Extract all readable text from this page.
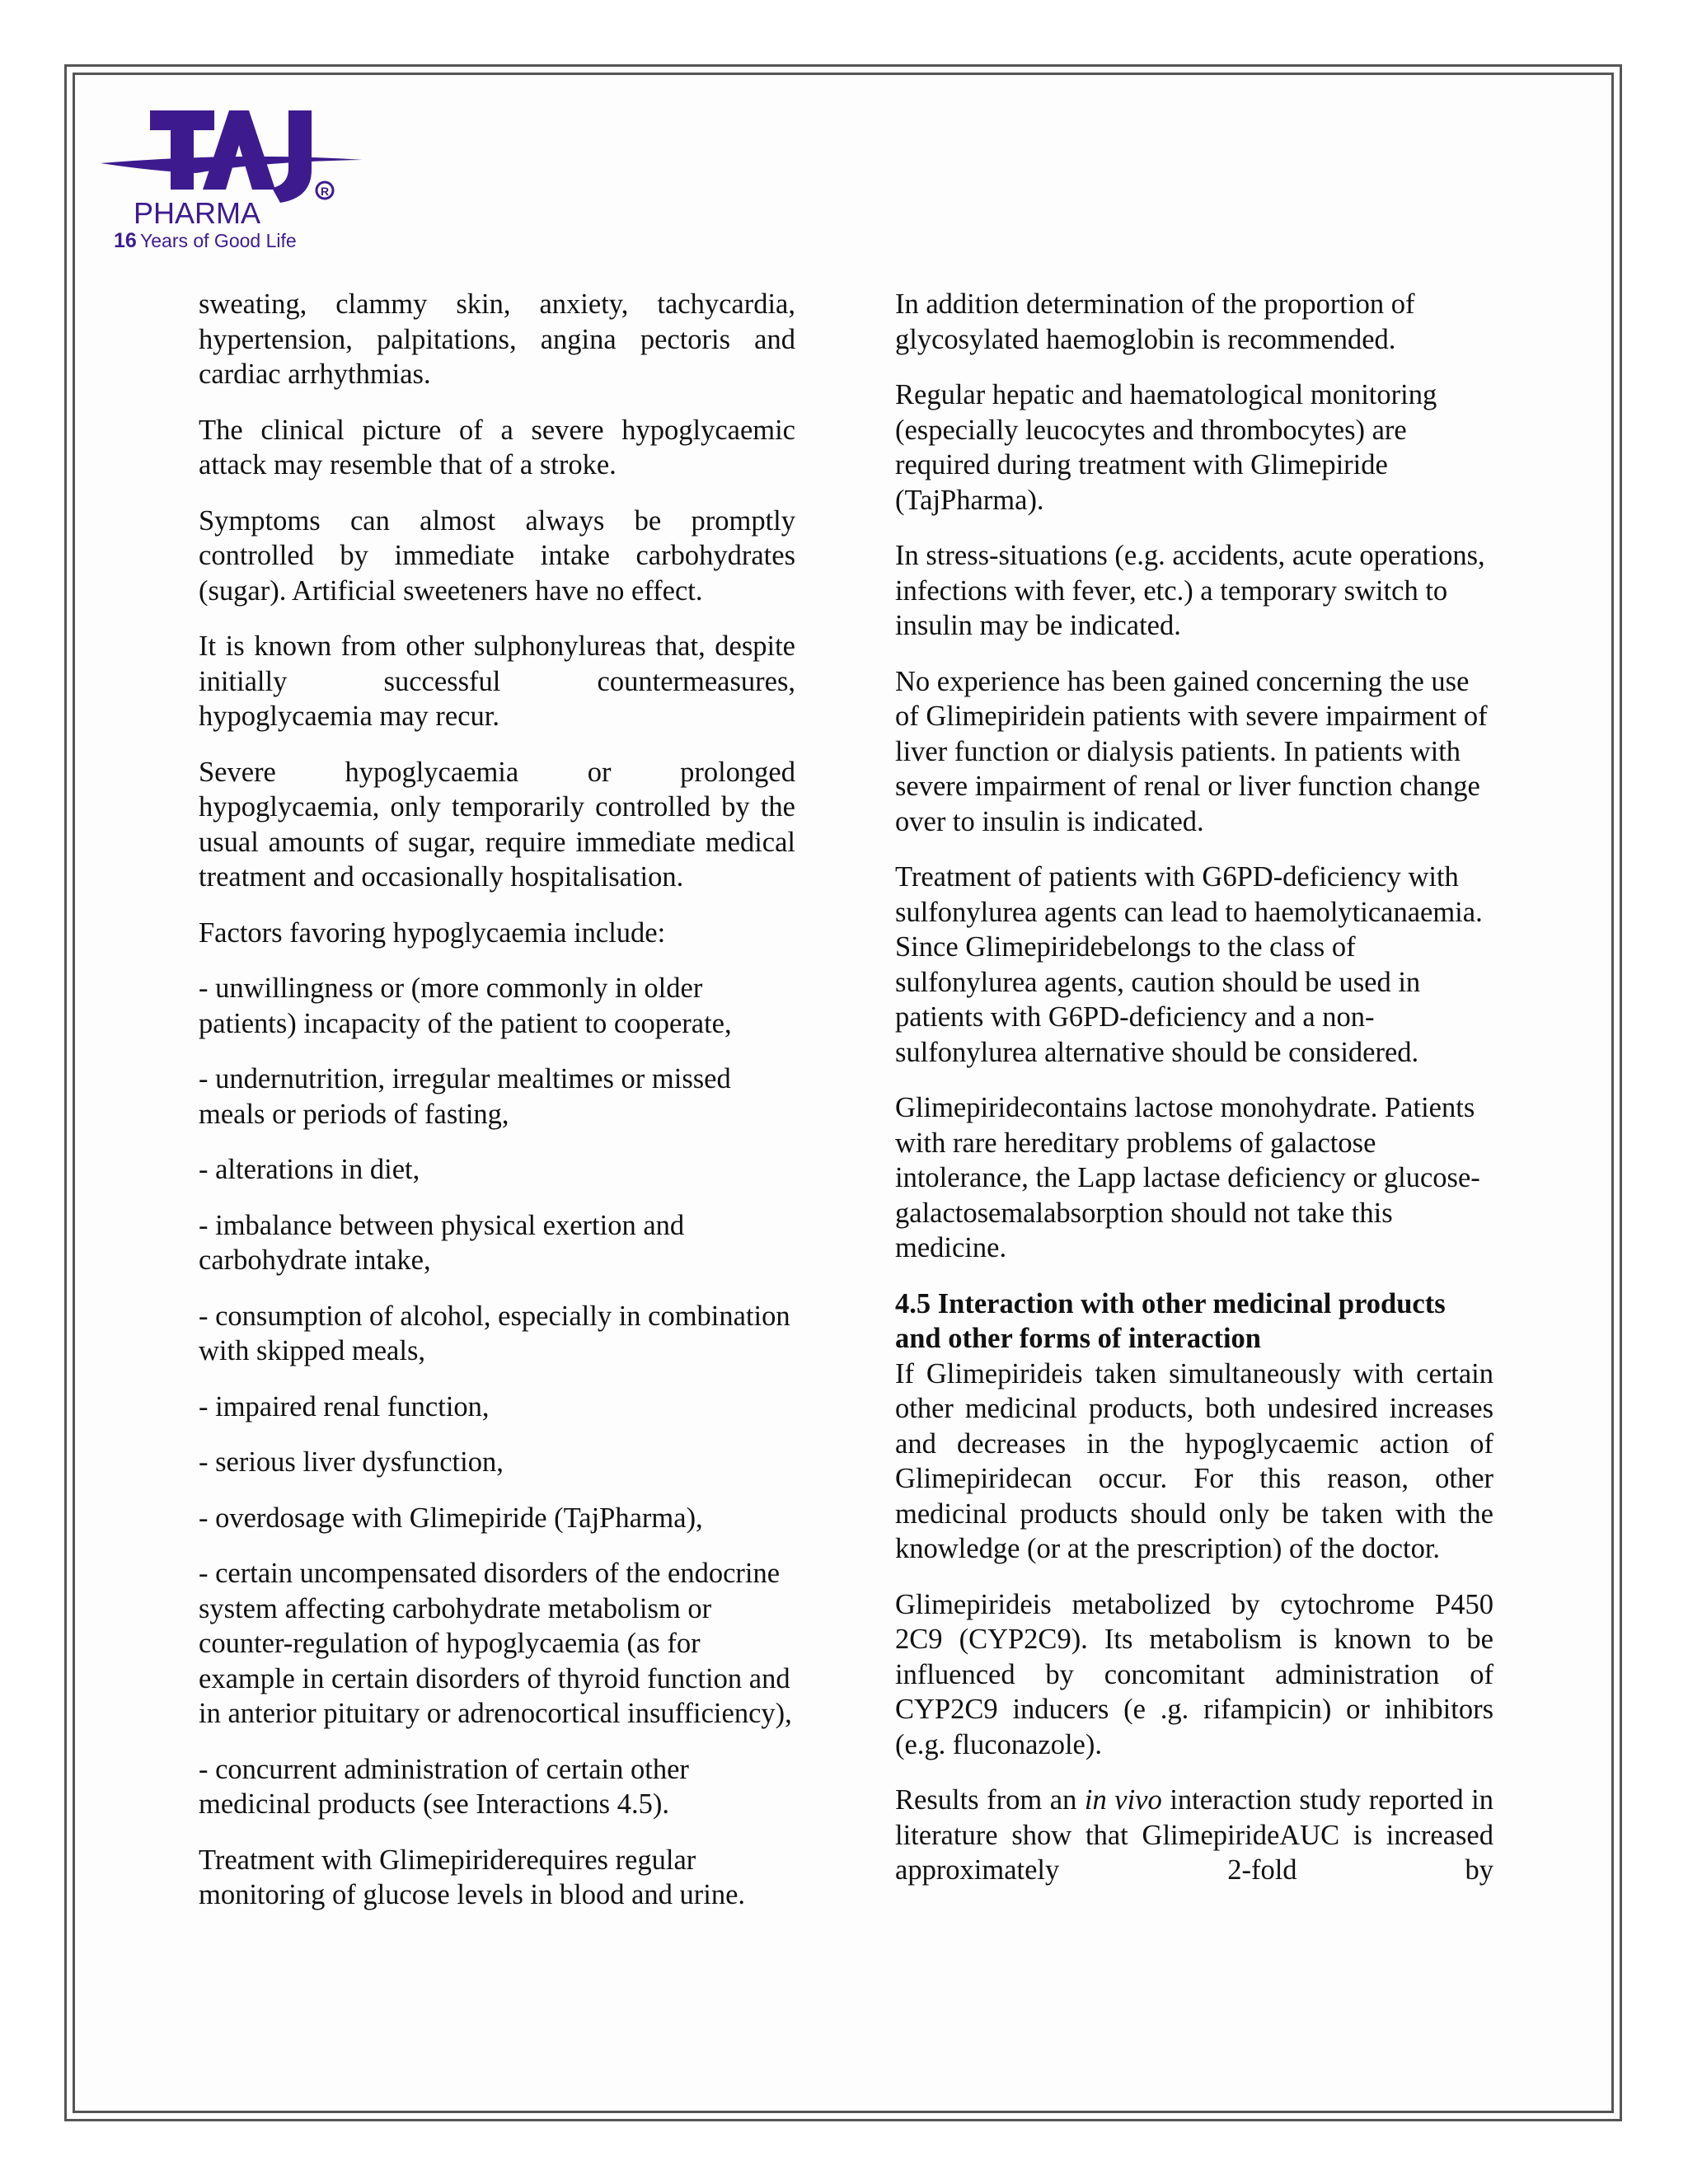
R
PHARMA
16 Years of Good Life

sweating, clammy skin, anxiety, tachycardia, hypertension, palpitations, angina pectoris and cardiac arrhythmias.

The clinical picture of a severe hypoglycaemic attack may resemble that of a stroke.

Symptoms can almost always be promptly controlled by immediate intake carbohydrates (sugar). Artificial sweeteners have no effect.

It is known from other sulphonylureas that, despite initially successful countermeasures, hypoglycaemia may recur.

Severe hypoglycaemia or prolonged hypoglycaemia, only temporarily controlled by the usual amounts of sugar, require immediate medical treatment and occasionally hospitalisation.

Factors favoring hypoglycaemia include:

- unwillingness or (more commonly in older patients) incapacity of the patient to cooperate,

- undernutrition, irregular mealtimes or missed meals or periods of fasting,

- alterations in diet,

- imbalance between physical exertion and carbohydrate intake,

- consumption of alcohol, especially in combination with skipped meals,

- impaired renal function,

- serious liver dysfunction,

- overdosage with Glimepiride (TajPharma),

- certain uncompensated disorders of the endocrine system affecting carbohydrate metabolism or counter-regulation of hypoglycaemia (as for example in certain disorders of thyroid function and in anterior pituitary or adrenocortical insufficiency),

- concurrent administration of certain other medicinal products (see Interactions 4.5).

Treatment with Glimepiriderequires regular monitoring of glucose levels in blood and urine.

In addition determination of the proportion of glycosylated haemoglobin is recommended.

Regular hepatic and haematological monitoring (especially leucocytes and thrombocytes) are required during treatment with Glimepiride (TajPharma).

In stress-situations (e.g. accidents, acute operations, infections with fever, etc.) a temporary switch to insulin may be indicated.

No experience has been gained concerning the use of Glimepiridein patients with severe impairment of liver function or dialysis patients. In patients with severe impairment of renal or liver function change over to insulin is indicated.

Treatment of patients with G6PD-deficiency with sulfonylurea agents can lead to haemolyticanaemia. Since Glimepiridebelongs to the class of sulfonylurea agents, caution should be used in patients with G6PD-deficiency and a non-sulfonylurea alternative should be considered.

Glimepiridecontains lactose monohydrate. Patients with rare hereditary problems of galactose intolerance, the Lapp lactase deficiency or glucose-galactosemalabsorption should not take this medicine.

4.5 Interaction with other medicinal products
and other forms of interaction

If Glimepirideis taken simultaneously with certain other medicinal products, both undesired increases and decreases in the hypoglycaemic action of Glimepiridecan occur. For this reason, other medicinal products should only be taken with the knowledge (or at the prescription) of the doctor.

Glimepirideis metabolized by cytochrome P450 2C9 (CYP2C9). Its metabolism is known to be influenced by concomitant administration of CYP2C9 inducers (e .g. rifampicin) or inhibitors (e.g. fluconazole).

Results from an in vivo interaction study reported in literature show that GlimepirideAUC is increased approximately 2-fold by
